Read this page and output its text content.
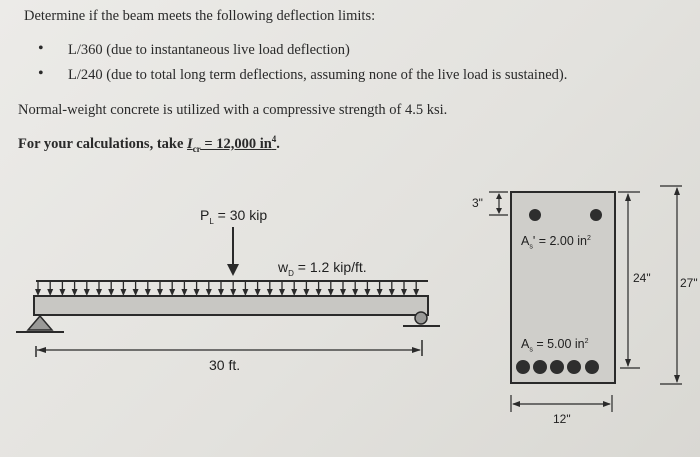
Determine if the beam meets the following deflection limits:
• L/360 (due to instantaneous live load deflection)
• L/240 (due to total long term deflections, assuming none of the live load is sustained).
Normal-weight concrete is utilized with a compressive strength of 4.5 ksi.
For your calculations, take $I_{cr} = 12,000$ $in^4$.
$P_L = 30$ kip
$w_D = 1.2$ kip/ft.
30 ft.
3"
$A_s' = 2.00$ $in^2$
$A_s = 5.00$ $in^2$
24" 27"
12"
